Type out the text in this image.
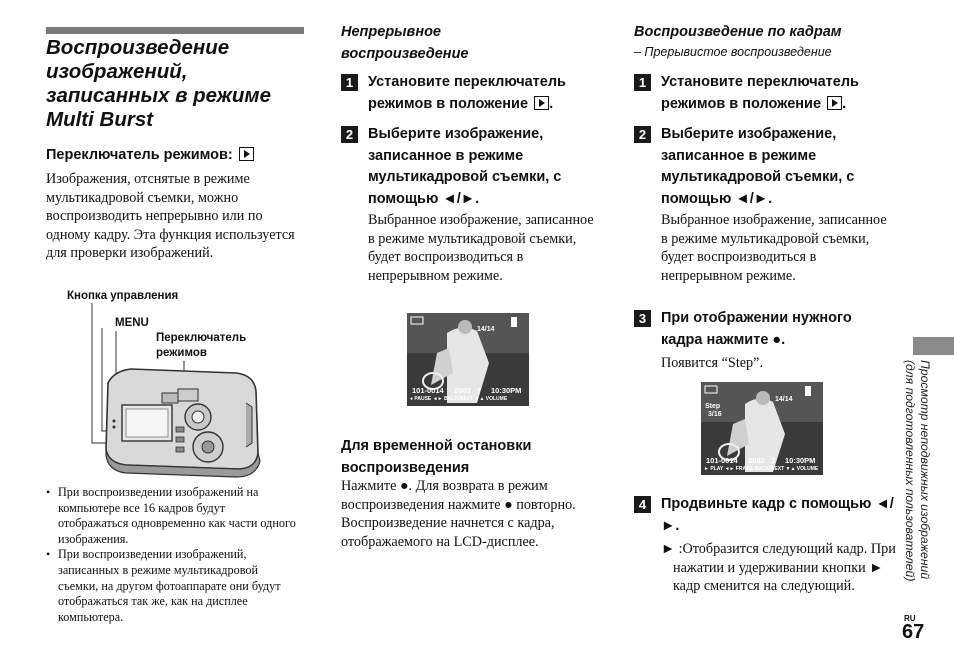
Воспроизведение изображений, записанных в режиме Multi Burst
Переключатель режимов:
Изображения, отснятые в режиме мультикадровой съемки, можно воспроизводить непрерывно или по одному кадру. Эта функция используется для проверки изображений.
Кнопка управления
MENU
Переключатель
режимов
• При воспроизведении изображений на компьютере все 16 кадров будут отображаться одновременно как части одного изображения.
• При воспроизведении изображений, записанных в режиме мультикадровой съемки, на другом фотоаппарате они будут отображаться так же, как на дисплее компьютера.
Непрерывное воспроизведение
1	Установите переключатель режимов в положение .
2	Выберите изображение, записанное в режиме мультикадровой съемки, с помощью ◄/►.
Выбранное изображение, записанное в режиме мультикадровой съемки, будет воспроизводиться в непрерывном режиме.
14/14
101-0014 2003 7 10:30PM
● PAUSE ◄► BACK/NEXT ▼▲ VOLUME
Для временной остановки воспроизведения
Нажмите ●. Для возврата в режим воспроизведения нажмите ● повторно. Воспроизведение начнется с кадра, отображаемого на LCD-дисплее.
Воспроизведение по кадрам
– Прерывистое воспроизведение
1	Установите переключатель режимов в положение .
2	Выберите изображение, записанное в режиме мультикадровой съемки, с помощью ◄/►.
Выбранное изображение, записанное в режиме мультикадровой съемки, будет воспроизводиться в непрерывном режиме.
3	При отображении нужного кадра нажмите ●.
Появится “Step”.
Step
3/16
14/14
101-0014 2003 7 10:30PM
► PLAY ◄► FRAME BACK/NEXT ▼▲ VOLUME
4	Продвиньте кадр с помощью ◄/►.
► :Отобразится следующий кадр. При нажатии и удерживании кнопки ► кадр сменится на следующий.
Просмотр неподвижных изображений
(для подготовленных пользователей)
RU
67
